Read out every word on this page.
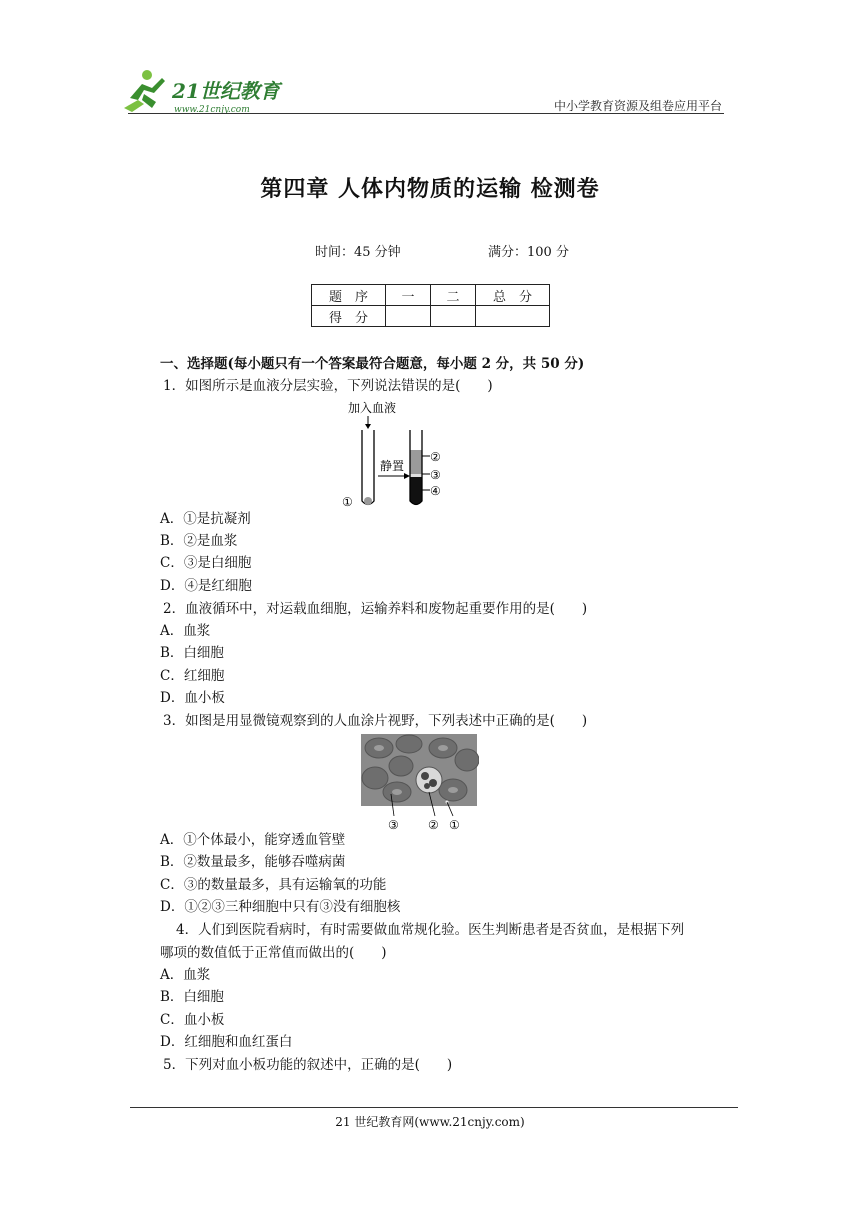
21世纪教育
www.21cnjy.com	中小学教育资源及组卷应用平台
第四章 人体内物质的运输 检测卷
时间：45 分钟	满分：100 分
题　序	一	二	总　分
得　分			
一、选择题(每小题只有一个答案最符合题意，每小题 2 分，共 50 分)
1．如图所示是血液分层实验，下列说法错误的是(　　)
加入血液
①
静置
②
③
④
A．①是抗凝剂
B．②是血浆
C．③是白细胞
D．④是红细胞
2．血液循环中，对运载血细胞，运输养料和废物起重要作用的是(　　)
A．血浆
B．白细胞
C．红细胞
D．血小板
3．如图是用显微镜观察到的人血涂片视野，下列表述中正确的是(　　)
③ ② ①
A．①个体最小，能穿透血管壁
B．②数量最多，能够吞噬病菌
C．③的数量最多，具有运输氧的功能
D．①②③三种细胞中只有③没有细胞核
4．人们到医院看病时，有时需要做血常规化验。医生判断患者是否贫血，是根据下列
哪项的数值低于正常值而做出的(　　)
A．血浆
B．白细胞
C．血小板
D．红细胞和血红蛋白
5．下列对血小板功能的叙述中，正确的是(　　)
21 世纪教育网(www.21cnjy.com)
